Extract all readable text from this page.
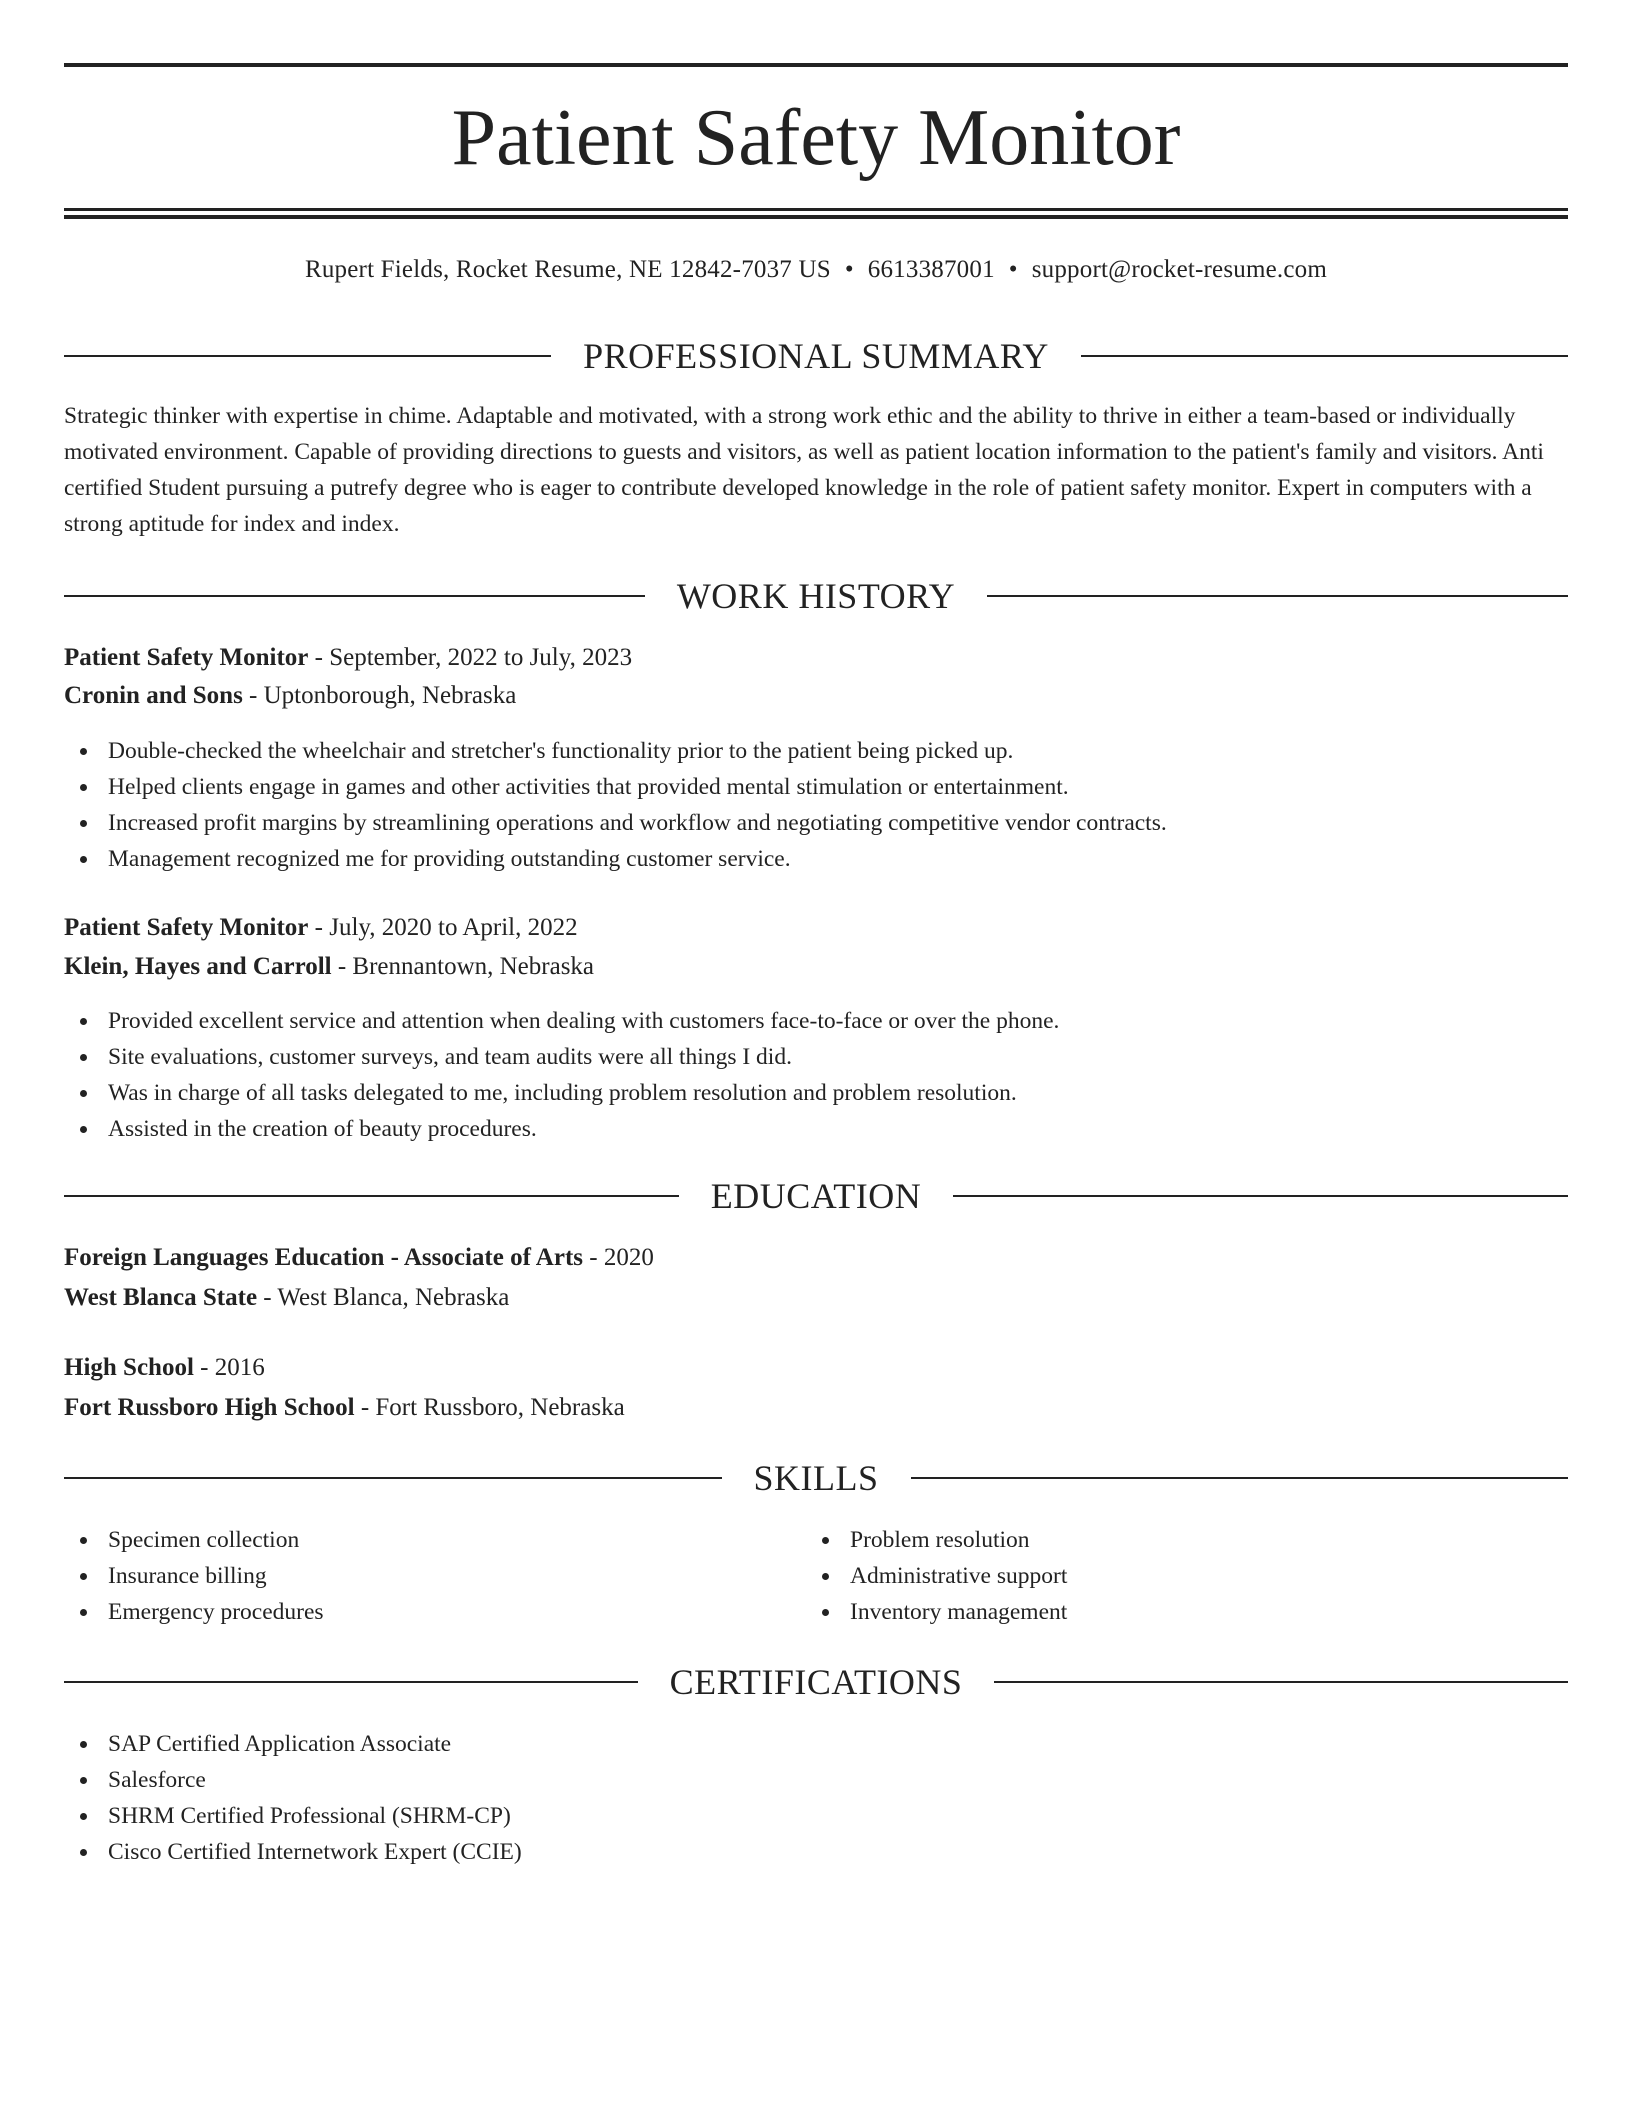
Patient Safety Monitor
Rupert Fields, Rocket Resume, NE 12842-7037 US • 6613387001 • support@rocket-resume.com
PROFESSIONAL SUMMARY
Strategic thinker with expertise in chime. Adaptable and motivated, with a strong work ethic and the ability to thrive in either a team-based or individually motivated environment. Capable of providing directions to guests and visitors, as well as patient location information to the patient's family and visitors. Anti certified Student pursuing a putrefy degree who is eager to contribute developed knowledge in the role of patient safety monitor. Expert in computers with a strong aptitude for index and index.
WORK HISTORY
Patient Safety Monitor - September, 2022 to July, 2023
Cronin and Sons - Uptonborough, Nebraska
Double-checked the wheelchair and stretcher's functionality prior to the patient being picked up.
Helped clients engage in games and other activities that provided mental stimulation or entertainment.
Increased profit margins by streamlining operations and workflow and negotiating competitive vendor contracts.
Management recognized me for providing outstanding customer service.
Patient Safety Monitor - July, 2020 to April, 2022
Klein, Hayes and Carroll - Brennantown, Nebraska
Provided excellent service and attention when dealing with customers face-to-face or over the phone.
Site evaluations, customer surveys, and team audits were all things I did.
Was in charge of all tasks delegated to me, including problem resolution and problem resolution.
Assisted in the creation of beauty procedures.
EDUCATION
Foreign Languages Education - Associate of Arts - 2020
West Blanca State - West Blanca, Nebraska
High School - 2016
Fort Russboro High School - Fort Russboro, Nebraska
SKILLS
Specimen collection
Insurance billing
Emergency procedures
Problem resolution
Administrative support
Inventory management
CERTIFICATIONS
SAP Certified Application Associate
Salesforce
SHRM Certified Professional (SHRM-CP)
Cisco Certified Internetwork Expert (CCIE)
